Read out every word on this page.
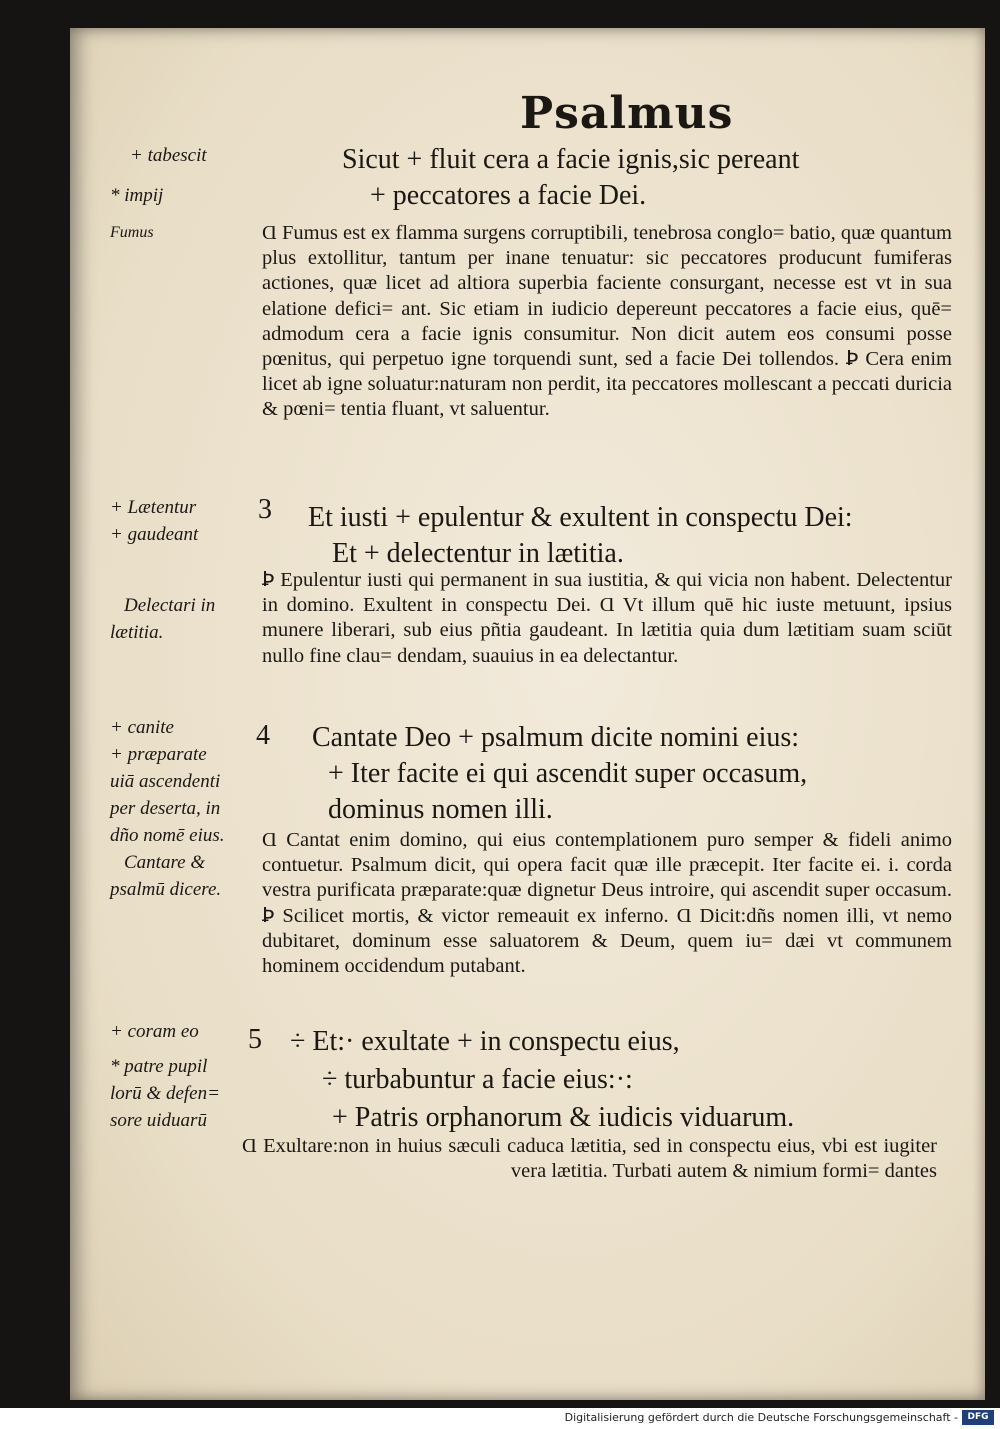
Psalmus
+ tabescit
* impij
Fumus
Sicut + fluit cera a facie ignis,sic pereant
+ peccatores a facie Dei.

Ɑ Fumus est ex flamma surgens corruptibili, tenebrosa conglo= batio, quæ quantum plus extollitur, tantum per inane tenuatur: sic peccatores producunt fumiferas actiones, quæ licet ad altiora superbia faciente consurgant, necesse est vt in sua elatione defici= ant. Sic etiam in iudicio depereunt peccatores a facie eius, quē= admodum cera a facie ignis consumitur. Non dicit autem eos consumi posse pœnitus, qui perpetuo igne torquendi sunt, sed a facie Dei tollendos. Ꝧ Cera enim licet ab igne soluatur:naturam non perdit, ita peccatores mollescant a peccati duricia & pœni= tentia fluant, vt saluentur.

+ Lætentur
+ gaudeant
Delectari in
lætitia.
3 Et iusti + epulentur & exultent in conspectu Dei:
Et + delectentur in lætitia.

Ꝧ Epulentur iusti qui permanent in sua iustitia, & qui vicia non habent. Delectentur in domino. Exultent in conspectu Dei. Ɑ Vt illum quē hic iuste metuunt, ipsius munere liberari, sub eius pñtia gaudeant. In lætitia quia dum lætitiam suam sciūt nullo fine clau= dendam, suauius in ea delectantur.

+ canite
+ præparate
uiā ascendenti
per deserta, in
dño nomē eius.
Cantare &
psalmū dicere.
4 Cantate Deo + psalmum dicite nomini eius:
+ Iter facite ei qui ascendit super occasum,
dominus nomen illi.

Ɑ Cantat enim domino, qui eius contemplationem puro semper & fideli animo contuetur. Psalmum dicit, qui opera facit quæ ille præcepit. Iter facite ei. i. corda vestra purificata præparate:quæ dignetur Deus introire, qui ascendit super occasum. Ꝧ Scilicet mortis, & victor remeauit ex inferno. Ɑ Dicit:dñs nomen illi, vt nemo dubitaret, dominum esse saluatorem & Deum, quem iu= dæi vt communem hominem occidendum putabant.

+ coram eo
* patre pupil
lorū & defen=
sore uiduarū
5 ÷ Et:· exultate + in conspectu eius,
÷ turbabuntur a facie eius:·:
+ Patris orphanorum & iudicis viduarum.

Ɑ Exultare:non in huius sæculi caduca lætitia, sed in conspectu eius, vbi est iugiter vera lætitia. Turbati autem & nimium formi= dantes

Digitalisierung gefördert durch die Deutsche Forschungsgemeinschaft -	DFG
